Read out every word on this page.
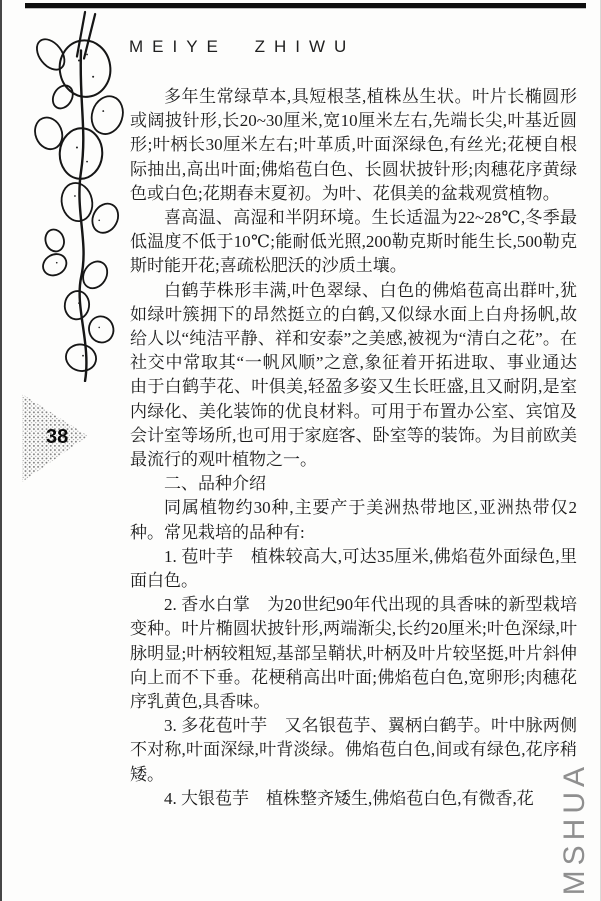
MEIYE ZHIWU
38

多年生常绿草本,具短根茎,植株丛生状。叶片长椭圆形或阔披针形,长20~30厘米,宽10厘米左右,先端长尖,叶基近圆形;叶柄长30厘米左右;叶革质,叶面深绿色,有丝光;花梗自根际抽出,高出叶面;佛焰苞白色、长圆状披针形;肉穗花序黄绿色或白色;花期春末夏初。为叶、花俱美的盆栽观赏植物。

喜高温、高湿和半阴环境。生长适温为22~28℃,冬季最低温度不低于10℃;能耐低光照,200勒克斯时能生长,500勒克斯时能开花;喜疏松肥沃的沙质土壤。

白鹤芋株形丰满,叶色翠绿、白色的佛焰苞高出群叶,犹如绿叶簇拥下的昂然挺立的白鹤,又似绿水面上白舟扬帆,故给人以“纯洁平静、祥和安泰”之美感,被视为“清白之花”。在社交中常取其“一帆风顺”之意,象征着开拓进取、事业通达　由于白鹤芋花、叶俱美,轻盈多姿又生长旺盛,且又耐阴,是室内绿化、美化装饰的优良材料。可用于布置办公室、宾馆及会计室等场所,也可用于家庭客、卧室等的装饰。为目前欧美最流行的观叶植物之一。

二、品种介绍

同属植物约30种,主要产于美洲热带地区,亚洲热带仅2种。常见栽培的品种有:

1. 苞叶芋　植株较高大,可达35厘米,佛焰苞外面绿色,里面白色。

2. 香水白掌　为20世纪90年代出现的具香味的新型栽培变种。叶片椭圆状披针形,两端渐尖,长约20厘米;叶色深绿,叶脉明显;叶柄较粗短,基部呈鞘状,叶柄及叶片较坚挺,叶片斜伸向上而不下垂。花梗稍高出叶面;佛焰苞白色,宽卵形;肉穗花序乳黄色,具香味。

3. 多花苞叶芋　又名银苞芋、翼柄白鹤芋。叶中脉两侧不对称,叶面深绿,叶背淡绿。佛焰苞白色,间或有绿色,花序稍矮。

4. 大银苞芋　植株整齐矮生,佛焰苞白色,有微香,花 MSHUA
